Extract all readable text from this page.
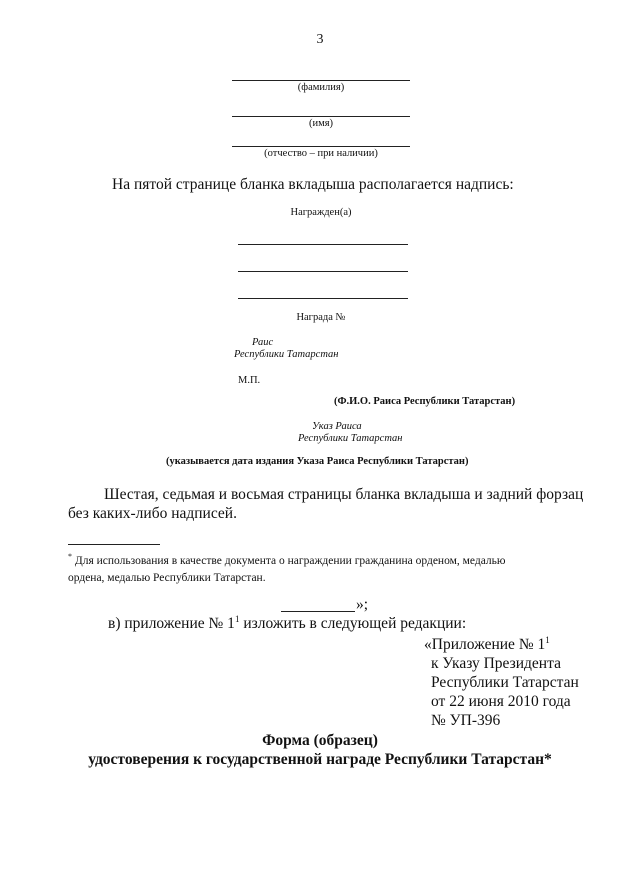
3
(фамилия)
(имя)
(отчество – при наличии)
На пятой странице бланка вкладыша располагается надпись:
Награжден(а)
Награда №
Раис
Республики Татарстан
М.П.
(Ф.И.О. Раиса Республики Татарстан)
Указ Раиса
Республики Татарстан
(указывается дата издания Указа Раиса Республики Татарстан)
Шестая, седьмая и восьмая страницы бланка вкладыша и задний форзац
без каких-либо надписей.
* Для использования в качестве документа о награждении гражданина орденом, медалью
ордена, медалью Республики Татарстан.
»;
в) приложение № $1^1$ изложить в следующей редакции:
«Приложение № $1^1$
к Указу Президента
Республики Татарстан
от 22 июня 2010 года
№ УП-396
Форма (образец)
удостоверения к государственной награде Республики Татарстан*
